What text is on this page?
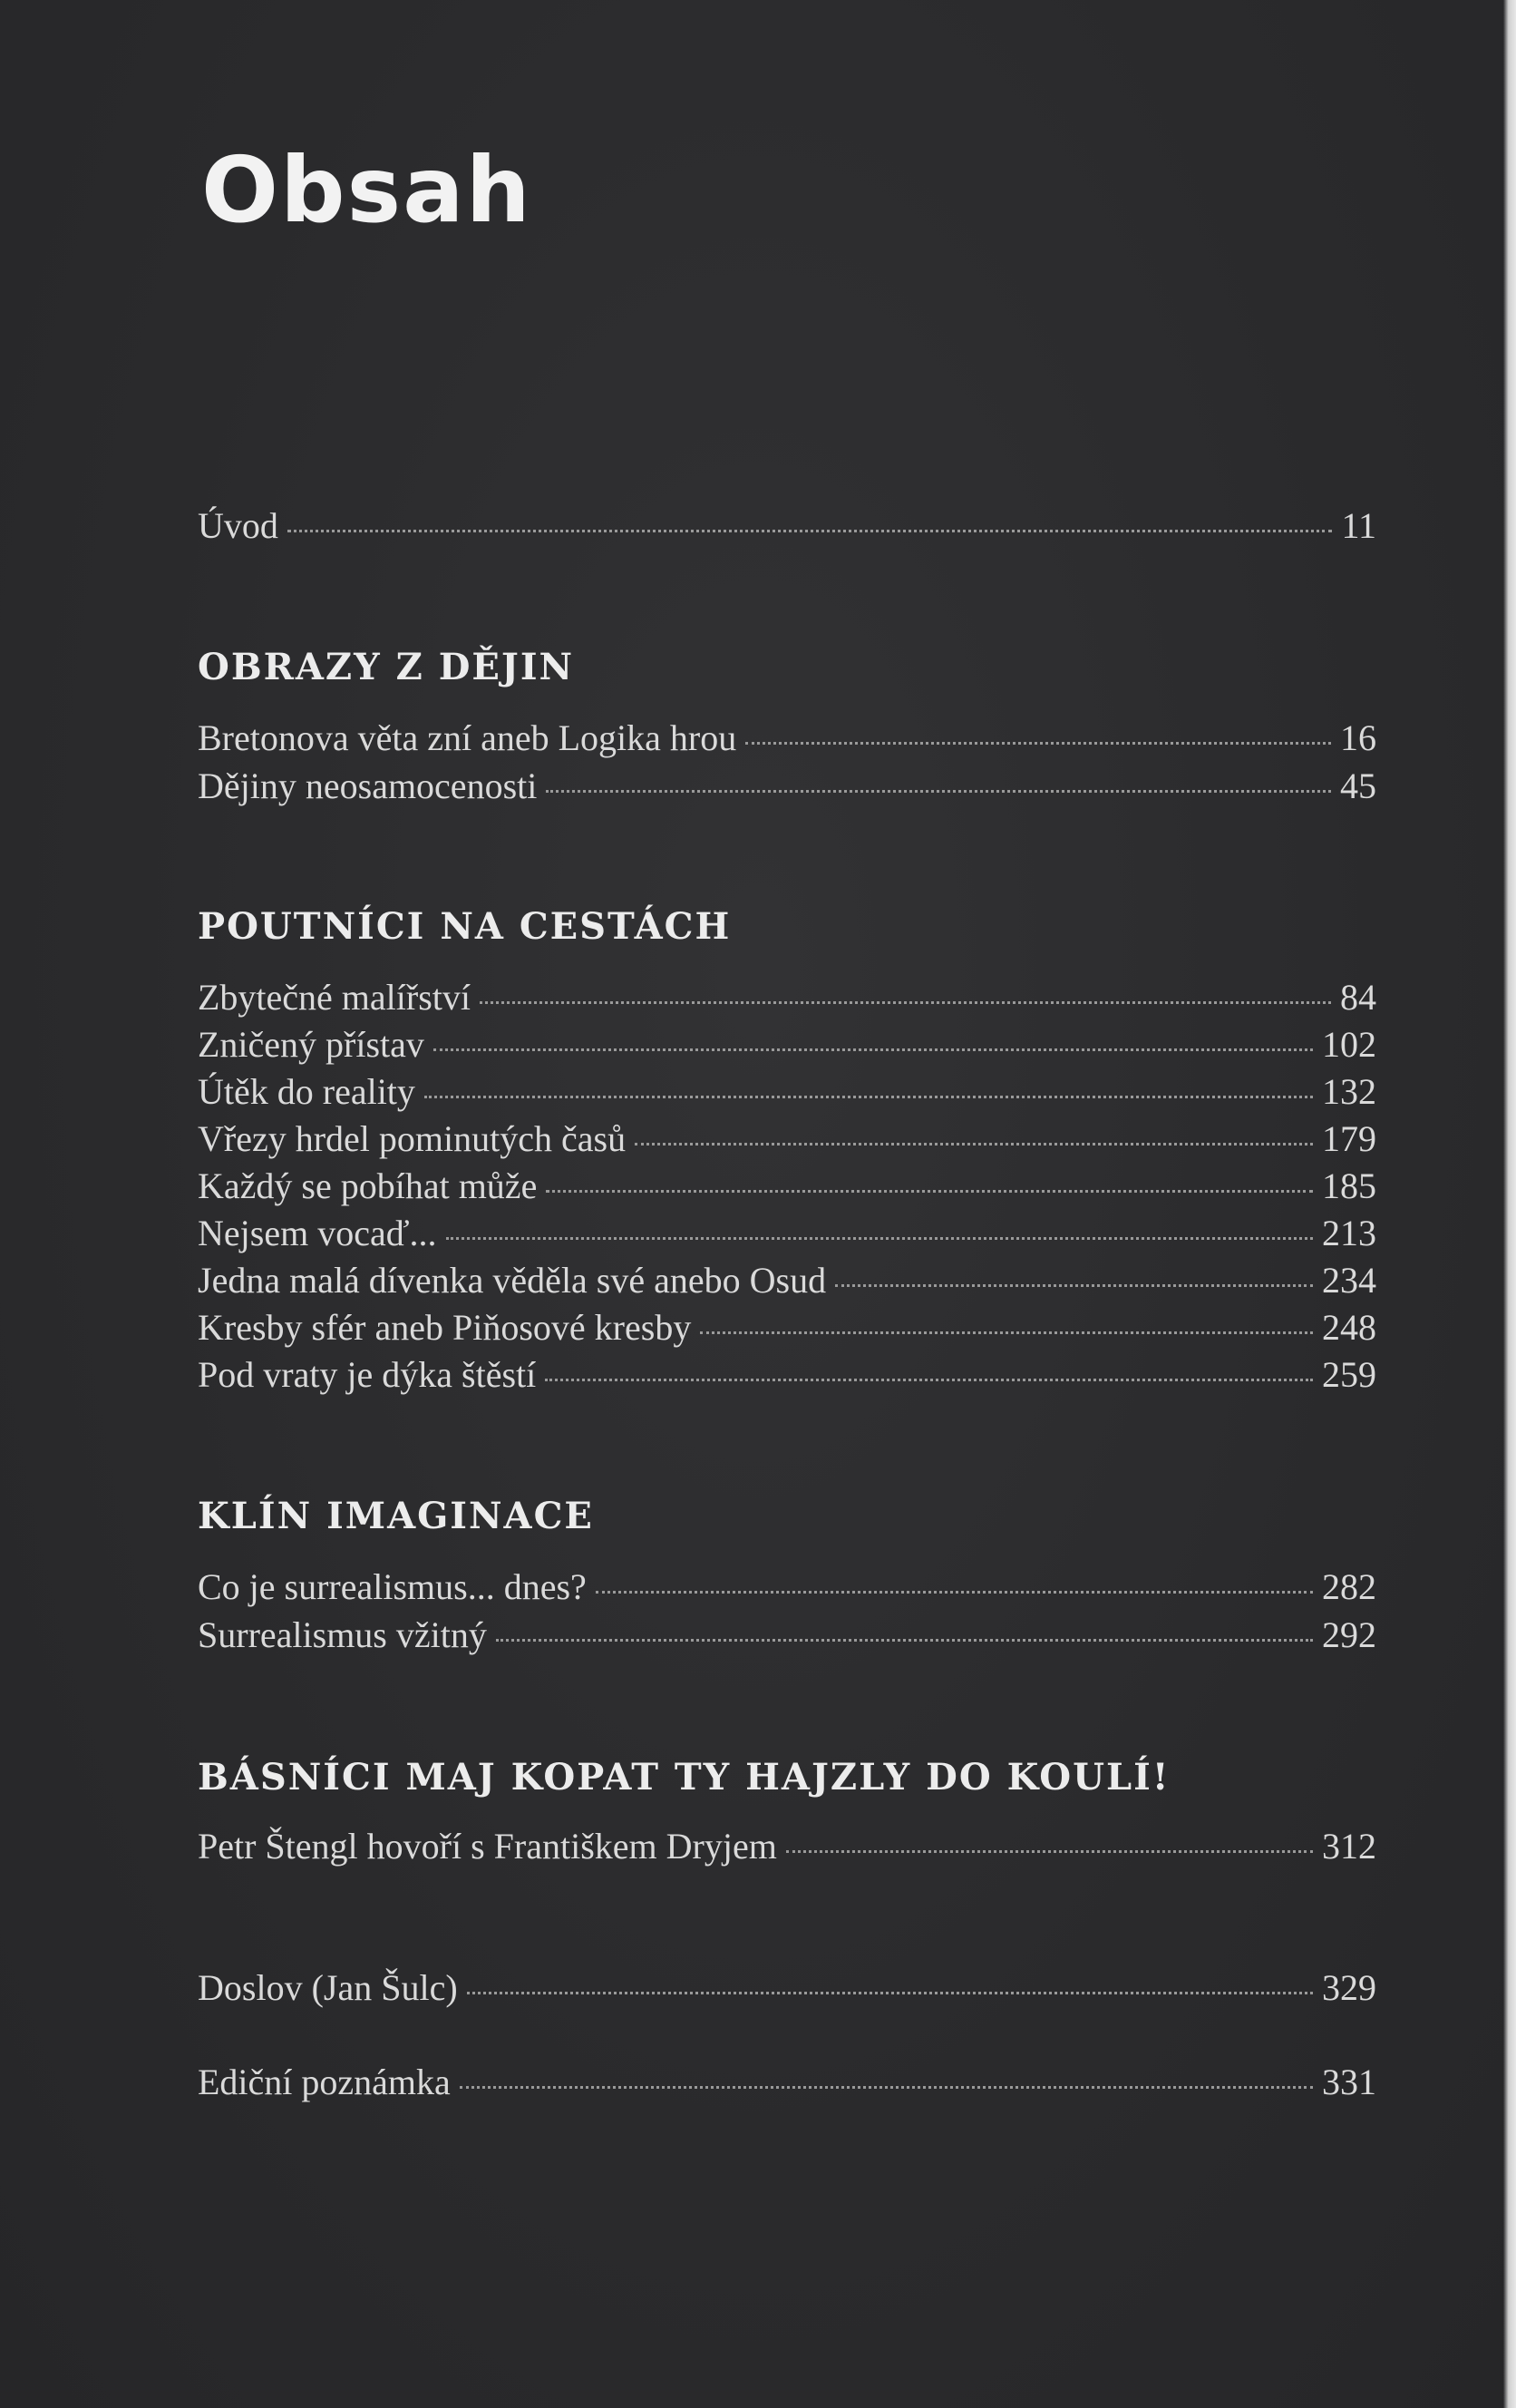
Obsah
Úvod	11
OBRAZY Z DĚJIN
Bretonova věta zní aneb Logika hrou	16
Dějiny neosamocenosti	45
POUTNÍCI NA CESTÁCH
Zbytečné malířství	84
Zničený přístav	102
Útěk do reality	132
Vřezy hrdel pominutých časů	179
Každý se pobíhat může	185
Nejsem vocaď...	213
Jedna malá dívenka věděla své anebo Osud	234
Kresby sfér aneb Piňosové kresby	248
Pod vraty je dýka štěstí	259
KLÍN IMAGINACE
Co je surrealismus... dnes?	282
Surrealismus vžitný	292
BÁSNÍCI MAJ KOPAT TY HAJZLY DO KOULÍ!
Petr Štengl hovoří s Františkem Dryjem	312
Doslov (Jan Šulc)	329
Ediční poznámka	331
